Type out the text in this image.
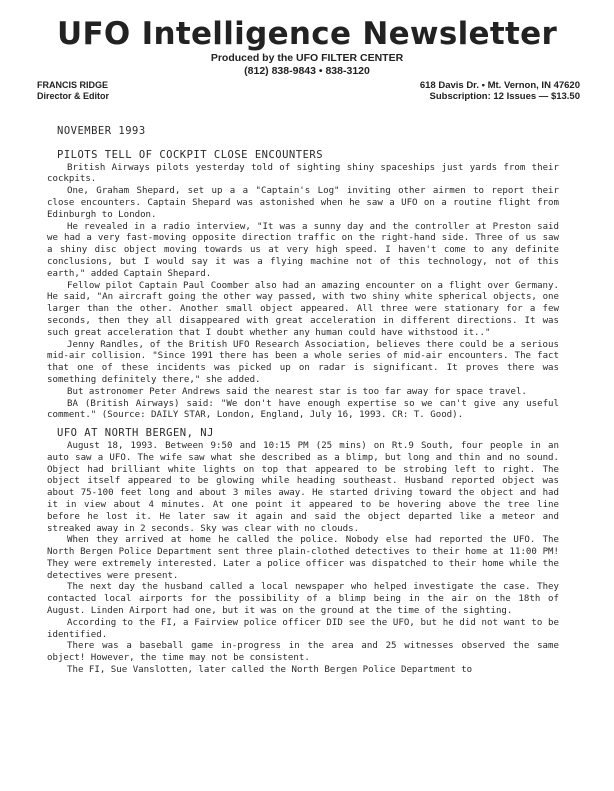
UFO Intelligence Newsletter
Produced by the UFO FILTER CENTER
(812) 838-9843 • 838-3120
FRANCIS RIDGE
Director & Editor
618 Davis Dr. • Mt. Vernon, IN 47620
Subscription: 12 Issues — $13.50
NOVEMBER 1993
PILOTS TELL OF COCKPIT CLOSE ENCOUNTERS

British Airways pilots yesterday told of sighting shiny spaceships just yards from their cockpits.

One, Graham Shepard, set up a a "Captain's Log" inviting other airmen to report their close encounters. Captain Shepard was astonished when he saw a UFO on a routine flight from Edinburgh to London.

He revealed in a radio interview, "It was a sunny day and the controller at Preston said we had a very fast-moving opposite direction traffic on the right-hand side. Three of us saw a shiny disc object moving towards us at very high speed. I haven't come to any definite conclusions, but I would say it was a flying machine not of this technology, not of this earth," added Captain Shepard.

Fellow pilot Captain Paul Coomber also had an amazing encounter on a flight over Germany. He said, "An aircraft going the other way passed, with two shiny white spherical objects, one larger than the other. Another small object appeared. All three were stationary for a few seconds, then they all disappeared with great acceleration in different directions. It was such great acceleration that I doubt whether any human could have withstood it.."

Jenny Randles, of the British UFO Research Association, believes there could be a serious mid-air collision. "Since 1991 there has been a whole series of mid-air encounters. The fact that one of these incidents was picked up on radar is significant. It proves there was something definitely there," she added.

But astronomer Peter Andrews said the nearest star is too far away for space travel.

BA (British Airways) said: "We don't have enough expertise so we can't give any useful comment." (Source: DAILY STAR, London, England, July 16, 1993. CR: T. Good).

UFO AT NORTH BERGEN, NJ

August 18, 1993. Between 9:50 and 10:15 PM (25 mins) on Rt.9 South, four people in an auto saw a UFO. The wife saw what she described as a blimp, but long and thin and no sound. Object had brilliant white lights on top that appeared to be strobing left to right. The object itself appeared to be glowing while heading southeast. Husband reported object was about 75-100 feet long and about 3 miles away. He started driving toward the object and had it in view about 4 minutes. At one point it appeared to be hovering above the tree line before he lost it. He later saw it again and said the object departed like a meteor and streaked away in 2 seconds. Sky was clear with no clouds.

When they arrived at home he called the police. Nobody else had reported the UFO. The North Bergen Police Department sent three plain-clothed detectives to their home at 11:00 PM! They were extremely interested. Later a police officer was dispatched to their home while the detectives were present.

The next day the husband called a local newspaper who helped investigate the case. They contacted local airports for the possibility of a blimp being in the air on the 18th of August. Linden Airport had one, but it was on the ground at the time of the sighting.

According to the FI, a Fairview police officer DID see the UFO, but he did not want to be identified.

There was a baseball game in-progress in the area and 25 witnesses observed the same object! However, the time may not be consistent.

The FI, Sue Vanslotten, later called the North Bergen Police Department to
